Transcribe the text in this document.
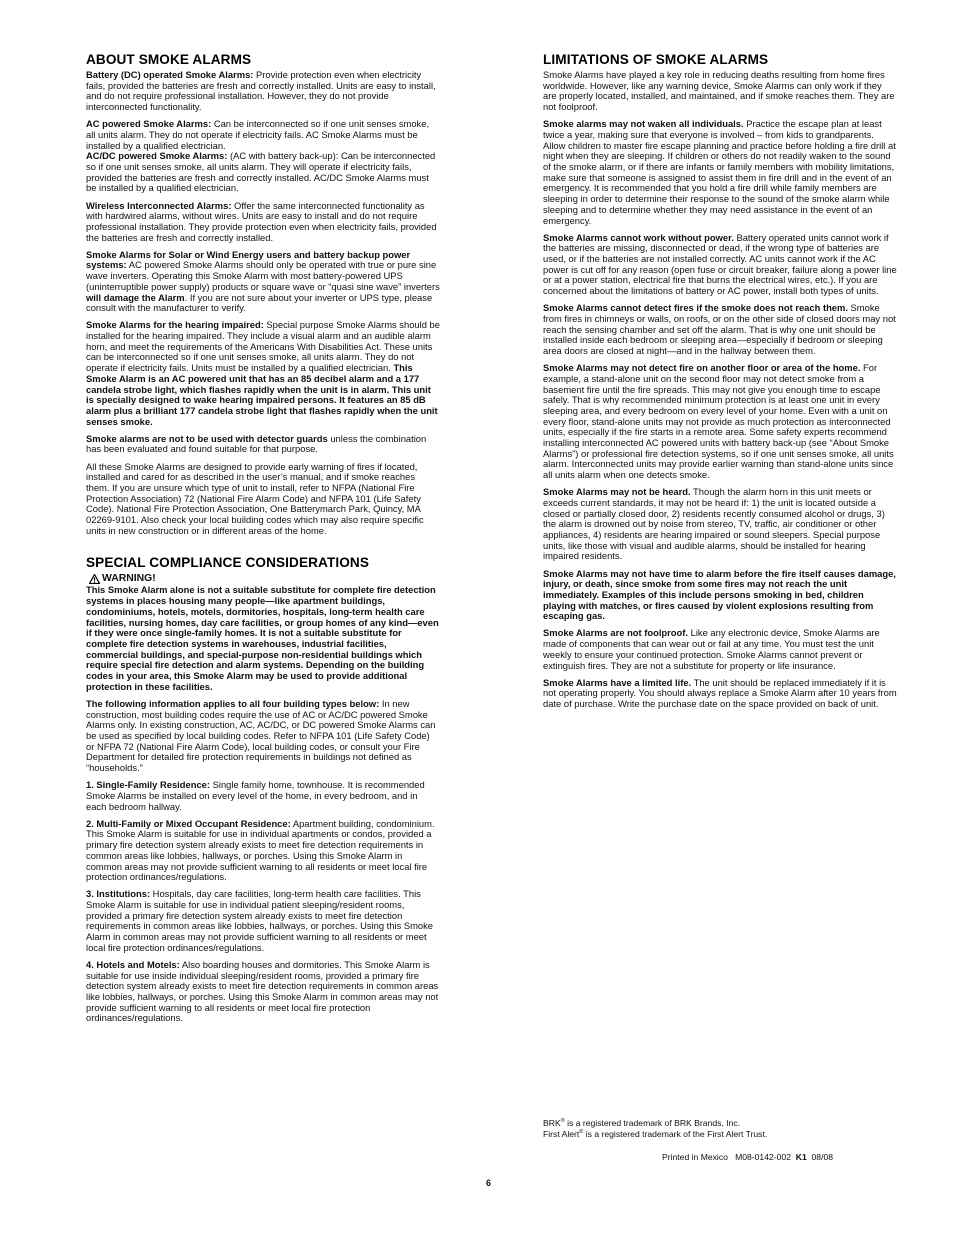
ABOUT SMOKE ALARMS

Battery (DC) operated Smoke Alarms: Provide protection even when electricity fails, provided the batteries are fresh and correctly installed. Units are easy to install, and do not require professional installation. However, they do not provide interconnected functionality.

AC powered Smoke Alarms: Can be interconnected so if one unit senses smoke, all units alarm. They do not operate if electricity fails. AC Smoke Alarms must be installed by a qualified electrician.

AC/DC powered Smoke Alarms: (AC with battery back-up): Can be interconnected so if one unit senses smoke, all units alarm. They will operate if electricity fails, provided the batteries are fresh and correctly installed. AC/DC Smoke Alarms must be installed by a qualified electrician.

Wireless Interconnected Alarms: Offer the same interconnected functionality as with hardwired alarms, without wires. Units are easy to install and do not require professional installation. They provide protection even when electricity fails, provided the batteries are fresh and correctly installed.

Smoke Alarms for Solar or Wind Energy users and battery backup power systems: AC powered Smoke Alarms should only be operated with true or pure sine wave inverters. Operating this Smoke Alarm with most battery-powered UPS (uninterruptible power supply) products or square wave or “quasi sine wave” inverters will damage the Alarm. If you are not sure about your inverter or UPS type, please consult with the manufacturer to verify.

Smoke Alarms for the hearing impaired: Special purpose Smoke Alarms should be installed for the hearing impaired. They include a visual alarm and an audible alarm horn, and meet the requirements of the Americans With Disabilities Act. These units can be interconnected so if one unit senses smoke, all units alarm. They do not operate if electricity fails. Units must be installed by a qualified electrician. This Smoke Alarm is an AC powered unit that has an 85 decibel alarm and a 177 candela strobe light, which flashes rapidly when the unit is in alarm. This unit is specially designed to wake hearing impaired persons. It features an 85 dB alarm plus a brilliant 177 candela strobe light that flashes rapidly when the unit senses smoke.

Smoke alarms are not to be used with detector guards unless the combination has been evaluated and found suitable for that purpose.

All these Smoke Alarms are designed to provide early warning of fires if located, installed and cared for as described in the user’s manual, and if smoke reaches them. If you are unsure which type of unit to install, refer to NFPA (National Fire Protection Association) 72 (National Fire Alarm Code) and NFPA 101 (Life Safety Code). National Fire Protection Association, One Batterymarch Park, Quincy, MA 02269-9101. Also check your local building codes which may also require specific units in new construction or in different areas of the home.

SPECIAL COMPLIANCE CONSIDERATIONS
WARNING!

This Smoke Alarm alone is not a suitable substitute for complete fire detection systems in places housing many people—like apartment buildings, condominiums, hotels, motels, dormitories, hospitals, long-term health care facilities, nursing homes, day care facilities, or group homes of any kind—even if they were once single-family homes. It is not a suitable substitute for complete fire detection systems in warehouses, industrial facilities, commercial buildings, and special-purpose non-residential buildings which require special fire detection and alarm systems. Depending on the building codes in your area, this Smoke Alarm may be used to provide additional protection in these facilities.

The following information applies to all four building types below: In new construction, most building codes require the use of AC or AC/DC powered Smoke Alarms only. In existing construction, AC, AC/DC, or DC powered Smoke Alarms can be used as specified by local building codes. Refer to NFPA 101 (Life Safety Code) or NFPA 72 (National Fire Alarm Code), local building codes, or consult your Fire Department for detailed fire protection requirements in buildings not defined as “households.”

1. Single-Family Residence: Single family home, townhouse. It is recommended Smoke Alarms be installed on every level of the home, in every bedroom, and in each bedroom hallway.

2. Multi-Family or Mixed Occupant Residence: Apartment building, condominium. This Smoke Alarm is suitable for use in individual apartments or condos, provided a primary fire detection system already exists to meet fire detection requirements in common areas like lobbies, hallways, or porches. Using this Smoke Alarm in common areas may not provide sufficient warning to all residents or meet local fire protection ordinances/regulations.

3. Institutions: Hospitals, day care facilities, long-term health care facilities. This Smoke Alarm is suitable for use in individual patient sleeping/resident rooms, provided a primary fire detection system already exists to meet fire detection requirements in common areas like lobbies, hallways, or porches. Using this Smoke Alarm in common areas may not provide sufficient warning to all residents or meet local fire protection ordinances/regulations.

4. Hotels and Motels: Also boarding houses and dormitories. This Smoke Alarm is suitable for use inside individual sleeping/resident rooms, provided a primary fire detection system already exists to meet fire detection requirements in common areas like lobbies, hallways, or porches. Using this Smoke Alarm in common areas may not provide sufficient warning to all residents or meet local fire protection ordinances/regulations.

LIMITATIONS OF SMOKE ALARMS

Smoke Alarms have played a key role in reducing deaths resulting from home fires worldwide. However, like any warning device, Smoke Alarms can only work if they are properly located, installed, and maintained, and if smoke reaches them. They are not foolproof.

Smoke alarms may not waken all individuals. Practice the escape plan at least twice a year, making sure that everyone is involved – from kids to grandparents. Allow children to master fire escape planning and practice before holding a fire drill at night when they are sleeping. If children or others do not readily waken to the sound of the smoke alarm, or if there are infants or family members with mobility limitations, make sure that someone is assigned to assist them in fire drill and in the event of an emergency. It is recommended that you hold a fire drill while family members are sleeping in order to determine their response to the sound of the smoke alarm while sleeping and to determine whether they may need assistance in the event of an emergency.

Smoke Alarms cannot work without power. Battery operated units cannot work if the batteries are missing, disconnected or dead, if the wrong type of batteries are used, or if the batteries are not installed correctly. AC units cannot work if the AC power is cut off for any reason (open fuse or circuit breaker, failure along a power line or at a power station, electrical fire that burns the electrical wires, etc.). If you are concerned about the limitations of battery or AC power, install both types of units.

Smoke Alarms cannot detect fires if the smoke does not reach them. Smoke from fires in chimneys or walls, on roofs, or on the other side of closed doors may not reach the sensing chamber and set off the alarm. That is why one unit should be installed inside each bedroom or sleeping area—especially if bedroom or sleeping area doors are closed at night—and in the hallway between them.

Smoke Alarms may not detect fire on another floor or area of the home. For example, a stand-alone unit on the second floor may not detect smoke from a basement fire until the fire spreads. This may not give you enough time to escape safely. That is why recommended minimum protection is at least one unit in every sleeping area, and every bedroom on every level of your home. Even with a unit on every floor, stand-alone units may not provide as much protection as interconnected units, especially if the fire starts in a remote area. Some safety experts recommend installing interconnected AC powered units with battery back-up (see “About Smoke Alarms”) or professional fire detection systems, so if one unit senses smoke, all units alarm. Interconnected units may provide earlier warning than stand-alone units since all units alarm when one detects smoke.

Smoke Alarms may not be heard. Though the alarm horn in this unit meets or exceeds current standards, it may not be heard if: 1) the unit is located outside a closed or partially closed door, 2) residents recently consumed alcohol or drugs, 3) the alarm is drowned out by noise from stereo, TV, traffic, air conditioner or other appliances, 4) residents are hearing impaired or sound sleepers. Special purpose units, like those with visual and audible alarms, should be installed for hearing impaired residents.

Smoke Alarms may not have time to alarm before the fire itself causes damage, injury, or death, since smoke from some fires may not reach the unit immediately. Examples of this include persons smoking in bed, children playing with matches, or fires caused by violent explosions resulting from escaping gas.

Smoke Alarms are not foolproof. Like any electronic device, Smoke Alarms are made of components that can wear out or fail at any time. You must test the unit weekly to ensure your continued protection. Smoke Alarms cannot prevent or extinguish fires. They are not a substitute for property or life insurance.

Smoke Alarms have a limited life. The unit should be replaced immediately if it is not operating properly. You should always replace a Smoke Alarm after 10 years from date of purchase. Write the purchase date on the space provided on back of unit.

BRK® is a registered trademark of BRK Brands, Inc.

First Alert® is a registered trademark of the First Alert Trust.

Printed in Mexico   M08-0142-002  K1  08/08
6
